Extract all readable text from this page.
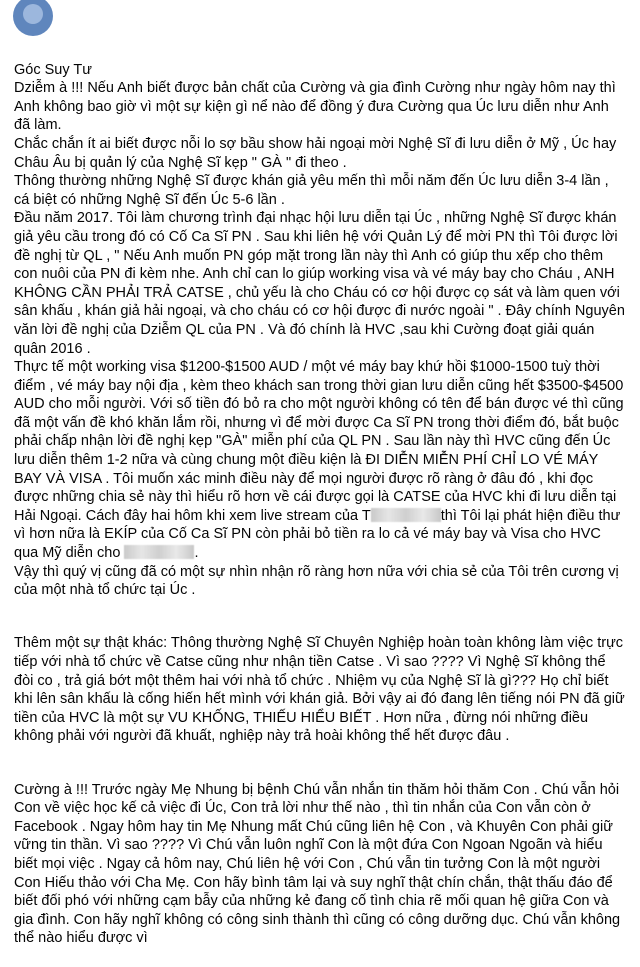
Góc Suy Tư
Dziễm à !!! Nếu Anh biết được bản chất của Cường và gia đình Cường như ngày hôm nay thì Anh không bao giờ vì một sự kiện gì nể nào để đồng ý đưa Cường qua Úc lưu diễn như Anh đã làm.
Chắc chắn ít ai biết được nỗi lo sợ bầu show hải ngoại mời Nghệ Sĩ đi lưu diễn ở Mỹ , Úc hay Châu Âu bị quản lý của Nghệ Sĩ kẹp " GÀ " đi theo .
Thông thường những Nghệ Sĩ được khán giả yêu mến thì mỗi năm đến Úc lưu diễn 3-4 lần , cá biệt có những Nghệ Sĩ đến Úc 5-6 lần .
Đầu năm 2017. Tôi làm chương trình đại nhạc hội lưu diễn tại Úc , những Nghệ Sĩ được khán giả yêu cầu trong đó có Cố Ca Sĩ PN . Sau khi liên hệ với Quản Lý để mời PN thì Tôi được lời đề nghị từ QL , " Nếu Anh muốn PN góp mặt trong lần này thì Anh có giúp thu xếp cho thêm con nuôi của PN đi kèm nhe. Anh chỉ can lo giúp working visa và vé máy bay cho Cháu , ANH KHÔNG CẦN PHẢI TRẢ CATSE , chủ yếu là cho Cháu có cơ hội được cọ sát và làm quen với sân khấu , khán giả hải ngoại, và cho cháu có cơ hội được đi nước ngoài " . Đây chính Nguyên văn lời đề nghị của Dziễm QL của PN . Và đó chính là HVC ,sau khi Cường đoạt giải quán quân 2016 .
Thực tế một working visa $1200-$1500 AUD / một vé máy bay khứ hồi $1000-1500 tuỳ thời điểm , vé máy bay nội địa , kèm theo khách san trong thời gian lưu diễn cũng hết $3500-$4500 AUD cho mỗi người. Với số tiền đó bỏ ra cho một người không có tên để bán được vé thì cũng đã một vấn đề khó khăn lắm rồi, nhưng vì để mời được Ca Sĩ PN trong thời điểm đó, bắt buộc phải chấp nhận lời đề nghị kẹp "GÀ" miễn phí của QL PN . Sau lần này thì HVC cũng đến Úc lưu diễn thêm 1-2 nữa và cùng chung một điều kiện là ĐI DIỄN MIỄN PHÍ CHỈ LO VÉ MÁY BAY VÀ VISA . Tôi muốn xác minh điều này để mọi người được rõ ràng ở đâu đó , khi đọc được những chia sẻ này thì hiểu rõ hơn về cái được gọi là CATSE của HVC khi đi lưu diễn tại Hải Ngoại. Cách đây hai hôm khi xem live stream của T	thì Tôi lại phát hiện điều thư vì hơn nữa là EKÍP của Cố Ca Sĩ PN còn phải bỏ tiền ra lo cả vé máy bay và Visa cho HVC qua Mỹ diễn cho	.
Vậy thì quý vị cũng đã có một sự nhìn nhận rõ ràng hơn nữa với chia sẻ của Tôi trên cương vị của một nhà tổ chức tại Úc .

Thêm một sự thật khác: Thông thường Nghệ Sĩ Chuyên Nghiệp hoàn toàn không làm việc trực tiếp với nhà tổ chức về Catse cũng như nhận tiền Catse . Vì sao ???? Vì Nghệ Sĩ không thể đòi co , trả giá bớt một thêm hai với nhà tổ chức . Nhiệm vụ của Nghệ Sĩ là gì??? Họ chỉ biết khi lên sân khấu là cống hiến hết mình với khán giả. Bởi vậy ai đó đang lên tiếng nói PN đã giữ tiền của HVC là một sự VU KHỐNG, THIẾU HIỂU BIẾT . Hơn nữa , đừng nói những điều không phải với người đã khuất, nghiệp này trả hoài không thể hết được đâu .

Cường à !!! Trước ngày Mẹ Nhung bị bệnh Chú vẫn nhắn tin thăm hỏi thăm Con . Chú vẫn hỏi Con về việc học kế cả việc đi Úc, Con trả lời như thế nào , thì tin nhắn của Con vẫn còn ở Facebook . Ngay hôm hay tin Mẹ Nhung mất Chú cũng liên hệ Con , và Khuyên Con phải giữ vững tin thần. Vì sao ???? Vì Chú vẫn luôn nghĩ Con là một đứa Con Ngoan Ngoãn và hiểu biết mọi việc . Ngay cả hôm nay, Chú liên hệ với Con , Chú vẫn tin tưởng Con là một người Con Hiếu thảo với Cha Mẹ. Con hãy bình tâm lại và suy nghĩ thật chín chắn, thật thấu đáo để biết đối phó với những cạm bẫy của những kẻ đang cố tình chia rẽ mối quan hệ giữa Con và gia đình. Con hãy nghĩ không có công sinh thành thì cũng có công dưỡng dục. Chú vẫn không thể nào hiểu được vì
